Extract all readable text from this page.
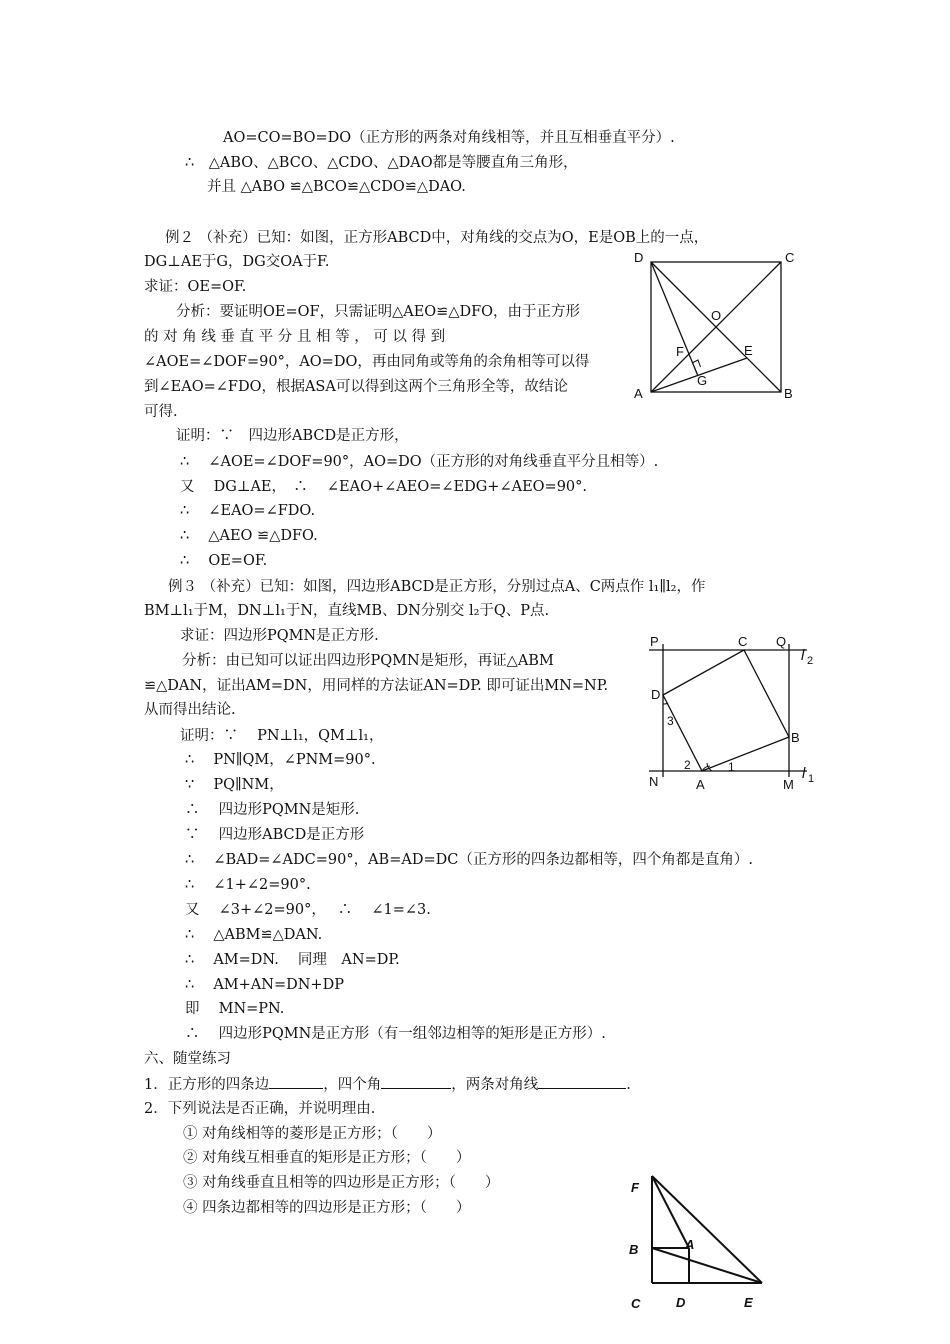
AO=CO=BO=DO（正方形的两条对角线相等，并且互相垂直平分）.
∴　△ABO、△BCO、△CDO、△DAO都是等腰直角三角形，
并且 △ABO ≌△BCO≌△CDO≌△DAO.
例２ （补充）已知：如图，正方形ABCD中，对角线的交点为O，E是OB上的一点，
DG⊥AE于G，DG交OA于F.
求证：OE=OF.
分析：要证明OE=OF，只需证明△AEO≌△DFO，由于正方形
的 对 角 线 垂 直 平 分 且 相 等 ， 可 以 得 到
∠AOE=∠DOF=90°，AO=DO，再由同角或等角的余角相等可以得
到∠EAO=∠FDO，根据ASA可以得到这两个三角形全等，故结论
可得.
证明：∵　四边形ABCD是正方形，
∴　 ∠AOE=∠DOF=90°，AO=DO（正方形的对角线垂直平分且相等）.
又　 DG⊥AE，　∴　 ∠EAO+∠AEO=∠EDG+∠AEO=90°.
∴　 ∠EAO=∠FDO.
∴　 △AEO ≌△DFO.
∴　 OE=OF.
D	C
A	B
O
F	E
G
例３ （补充）已知：如图，四边形ABCD是正方形，分别过点A、C两点作 l₁∥l₂，作
BM⊥l₁于M，DN⊥l₁于N，直线MB、DN分别交 l₂于Q、P点.
求证：四边形PQMN是正方形.
分析：由已知可以证出四边形PQMN是矩形，再证△ABM
≌△DAN，证出AM=DN，用同样的方法证AN=DP. 即可证出MN=NP.
从而得出结论.
证明：∵　 PN⊥l₁，QM⊥l₁，
∴　 PN∥QM，∠PNM=90°.
∵　 PQ∥NM，
∴　 四边形PQMN是矩形.
∵　 四边形ABCD是正方形
∴　 ∠BAD=∠ADC=90°，AB=AD=DC（正方形的四条边都相等，四个角都是直角）.
∴　 ∠1+∠2=90°.
又　 ∠3+∠2=90°，　 ∴　 ∠1=∠3.
∴　 △ABM≌△DAN.
∴　 AM=DN.　 同理　AN=DP.
∴　 AM+AN=DN+DP
即　 MN=PN.
∴　 四边形PQMN是正方形（有一组邻边相等的矩形是正方形）.
P	C Q
l 2
D
3
B
N
2
A
1
M
l 1
六、随堂练习
1．正方形的四条边	，四个角	，两条对角线	.
2．下列说法是否正确，并说明理由.
① 对角线相等的菱形是正方形；（　　）
② 对角线互相垂直的矩形是正方形；（　　）
③ 对角线垂直且相等的四边形是正方形；（　　）
④ 四条边都相等的四边形是正方形；（　　）
F
B	A
C	D	E
